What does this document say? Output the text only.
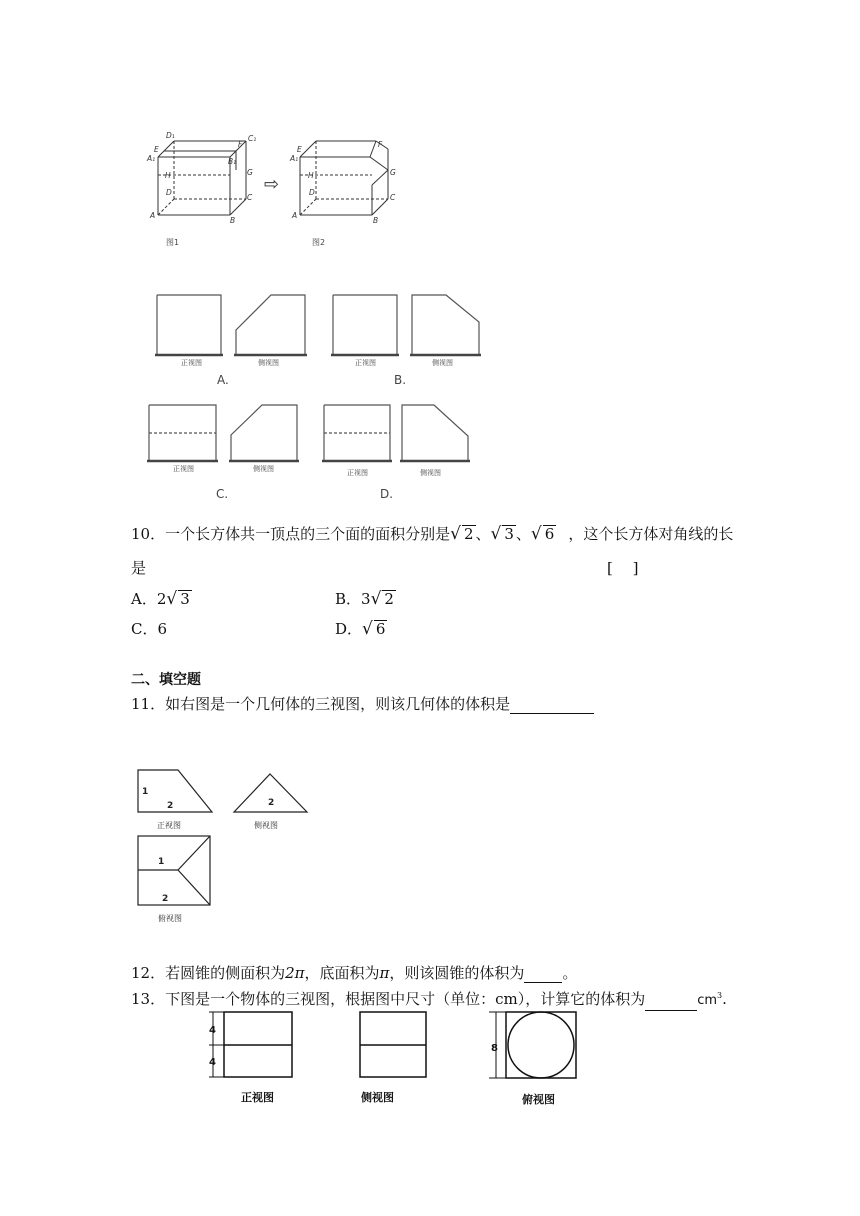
D₁	C₁
A₁
E
F
B₁
H	G
D
C
A
B
A₁
E
F
H	G
D
C
A
B
⇨
图1	图2
正视图	侧视图	正视图	侧视图
正视图	侧视图	正视图	侧视图
A.	B.
C.	D.
10．一个长方体共一顶点的三个面的面积分别是√ 2 、√ 3 、√ 6 ，这个长方体对角线的长
是	[　 ]
A．2√ 3	B．3√ 2
C．6	D．√ 6
二、填空题
11．如右图是一个几何体的三视图，则该几何体的体积是
1
2	2
1
2
正视图	侧视图
俯视图
12．若圆锥的侧面积为2π，底面积为π，则该圆锥的体积为	。
13．下图是一个物体的三视图，根据图中尺寸（单位：cm），计算它的体积为	$cm^3$.
4
4
8
正视图	侧视图	俯视图
